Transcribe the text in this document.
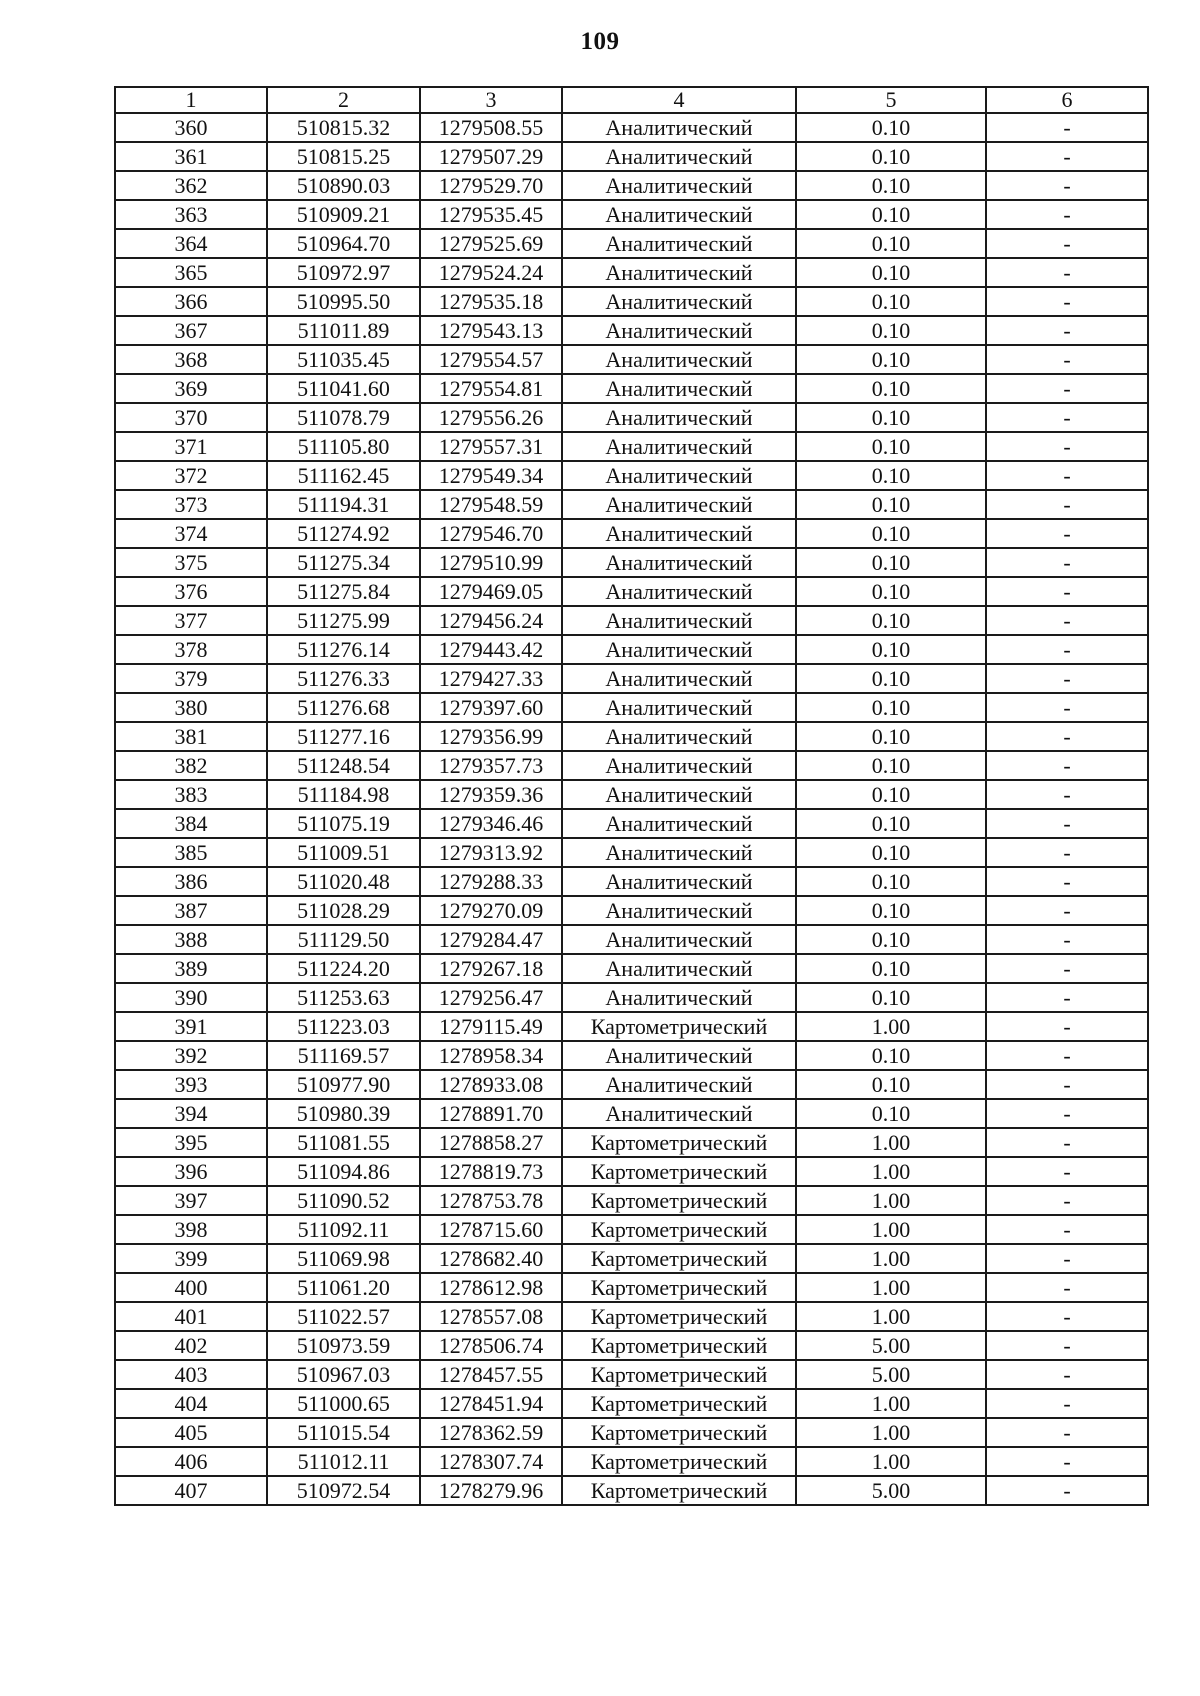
109
1	2	3	4	5	6
360	510815.32	1279508.55	Аналитический	0.10	-
361	510815.25	1279507.29	Аналитический	0.10	-
362	510890.03	1279529.70	Аналитический	0.10	-
363	510909.21	1279535.45	Аналитический	0.10	-
364	510964.70	1279525.69	Аналитический	0.10	-
365	510972.97	1279524.24	Аналитический	0.10	-
366	510995.50	1279535.18	Аналитический	0.10	-
367	511011.89	1279543.13	Аналитический	0.10	-
368	511035.45	1279554.57	Аналитический	0.10	-
369	511041.60	1279554.81	Аналитический	0.10	-
370	511078.79	1279556.26	Аналитический	0.10	-
371	511105.80	1279557.31	Аналитический	0.10	-
372	511162.45	1279549.34	Аналитический	0.10	-
373	511194.31	1279548.59	Аналитический	0.10	-
374	511274.92	1279546.70	Аналитический	0.10	-
375	511275.34	1279510.99	Аналитический	0.10	-
376	511275.84	1279469.05	Аналитический	0.10	-
377	511275.99	1279456.24	Аналитический	0.10	-
378	511276.14	1279443.42	Аналитический	0.10	-
379	511276.33	1279427.33	Аналитический	0.10	-
380	511276.68	1279397.60	Аналитический	0.10	-
381	511277.16	1279356.99	Аналитический	0.10	-
382	511248.54	1279357.73	Аналитический	0.10	-
383	511184.98	1279359.36	Аналитический	0.10	-
384	511075.19	1279346.46	Аналитический	0.10	-
385	511009.51	1279313.92	Аналитический	0.10	-
386	511020.48	1279288.33	Аналитический	0.10	-
387	511028.29	1279270.09	Аналитический	0.10	-
388	511129.50	1279284.47	Аналитический	0.10	-
389	511224.20	1279267.18	Аналитический	0.10	-
390	511253.63	1279256.47	Аналитический	0.10	-
391	511223.03	1279115.49	Картометрический	1.00	-
392	511169.57	1278958.34	Аналитический	0.10	-
393	510977.90	1278933.08	Аналитический	0.10	-
394	510980.39	1278891.70	Аналитический	0.10	-
395	511081.55	1278858.27	Картометрический	1.00	-
396	511094.86	1278819.73	Картометрический	1.00	-
397	511090.52	1278753.78	Картометрический	1.00	-
398	511092.11	1278715.60	Картометрический	1.00	-
399	511069.98	1278682.40	Картометрический	1.00	-
400	511061.20	1278612.98	Картометрический	1.00	-
401	511022.57	1278557.08	Картометрический	1.00	-
402	510973.59	1278506.74	Картометрический	5.00	-
403	510967.03	1278457.55	Картометрический	5.00	-
404	511000.65	1278451.94	Картометрический	1.00	-
405	511015.54	1278362.59	Картометрический	1.00	-
406	511012.11	1278307.74	Картометрический	1.00	-
407	510972.54	1278279.96	Картометрический	5.00	-
